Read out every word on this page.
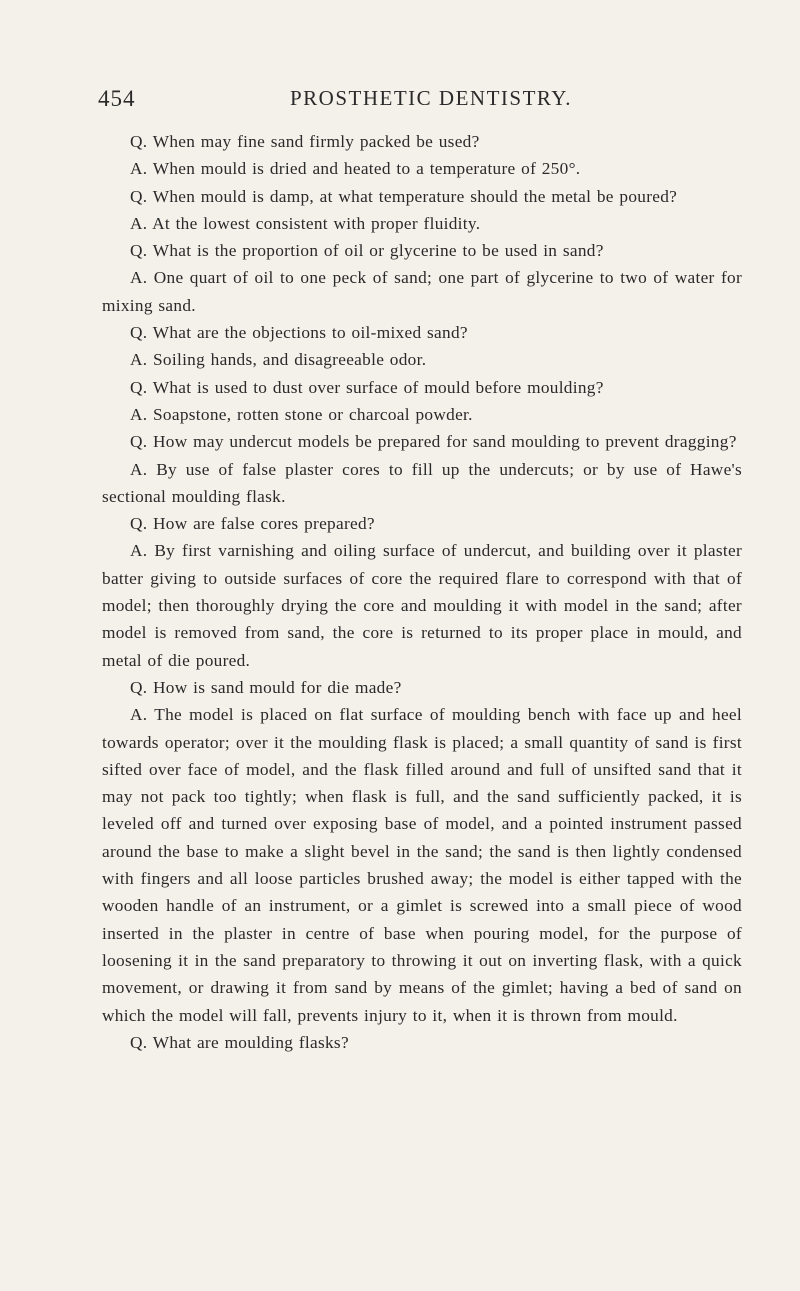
454	PROSTHETIC DENTISTRY.

Q. When may fine sand firmly packed be used?

A. When mould is dried and heated to a temperature of 250°.

Q. When mould is damp, at what temperature should the metal be poured?

A. At the lowest consistent with proper fluidity.

Q. What is the proportion of oil or glycerine to be used in sand?

A. One quart of oil to one peck of sand; one part of glycerine to two of water for mixing sand.

Q. What are the objections to oil-mixed sand?

A. Soiling hands, and disagreeable odor.

Q. What is used to dust over surface of mould before moulding?

A. Soapstone, rotten stone or charcoal powder.

Q. How may undercut models be prepared for sand moulding to prevent dragging?

A. By use of false plaster cores to fill up the undercuts; or by use of Hawe's sectional moulding flask.

Q. How are false cores prepared?

A. By first varnishing and oiling surface of undercut, and building over it plaster batter giving to outside surfaces of core the required flare to correspond with that of model; then thoroughly drying the core and moulding it with model in the sand; after model is removed from sand, the core is returned to its proper place in mould, and metal of die poured.

Q. How is sand mould for die made?

A. The model is placed on flat surface of moulding bench with face up and heel towards operator; over it the moulding flask is placed; a small quantity of sand is first sifted over face of model, and the flask filled around and full of unsifted sand that it may not pack too tightly; when flask is full, and the sand sufficiently packed, it is leveled off and turned over exposing base of model, and a pointed instrument passed around the base to make a slight bevel in the sand; the sand is then lightly condensed with fingers and all loose particles brushed away; the model is either tapped with the wooden handle of an instrument, or a gimlet is screwed into a small piece of wood inserted in the plaster in centre of base when pouring model, for the purpose of loosening it in the sand preparatory to throwing it out on inverting flask, with a quick movement, or drawing it from sand by means of the gimlet; having a bed of sand on which the model will fall, prevents injury to it, when it is thrown from mould.

Q. What are moulding flasks?
